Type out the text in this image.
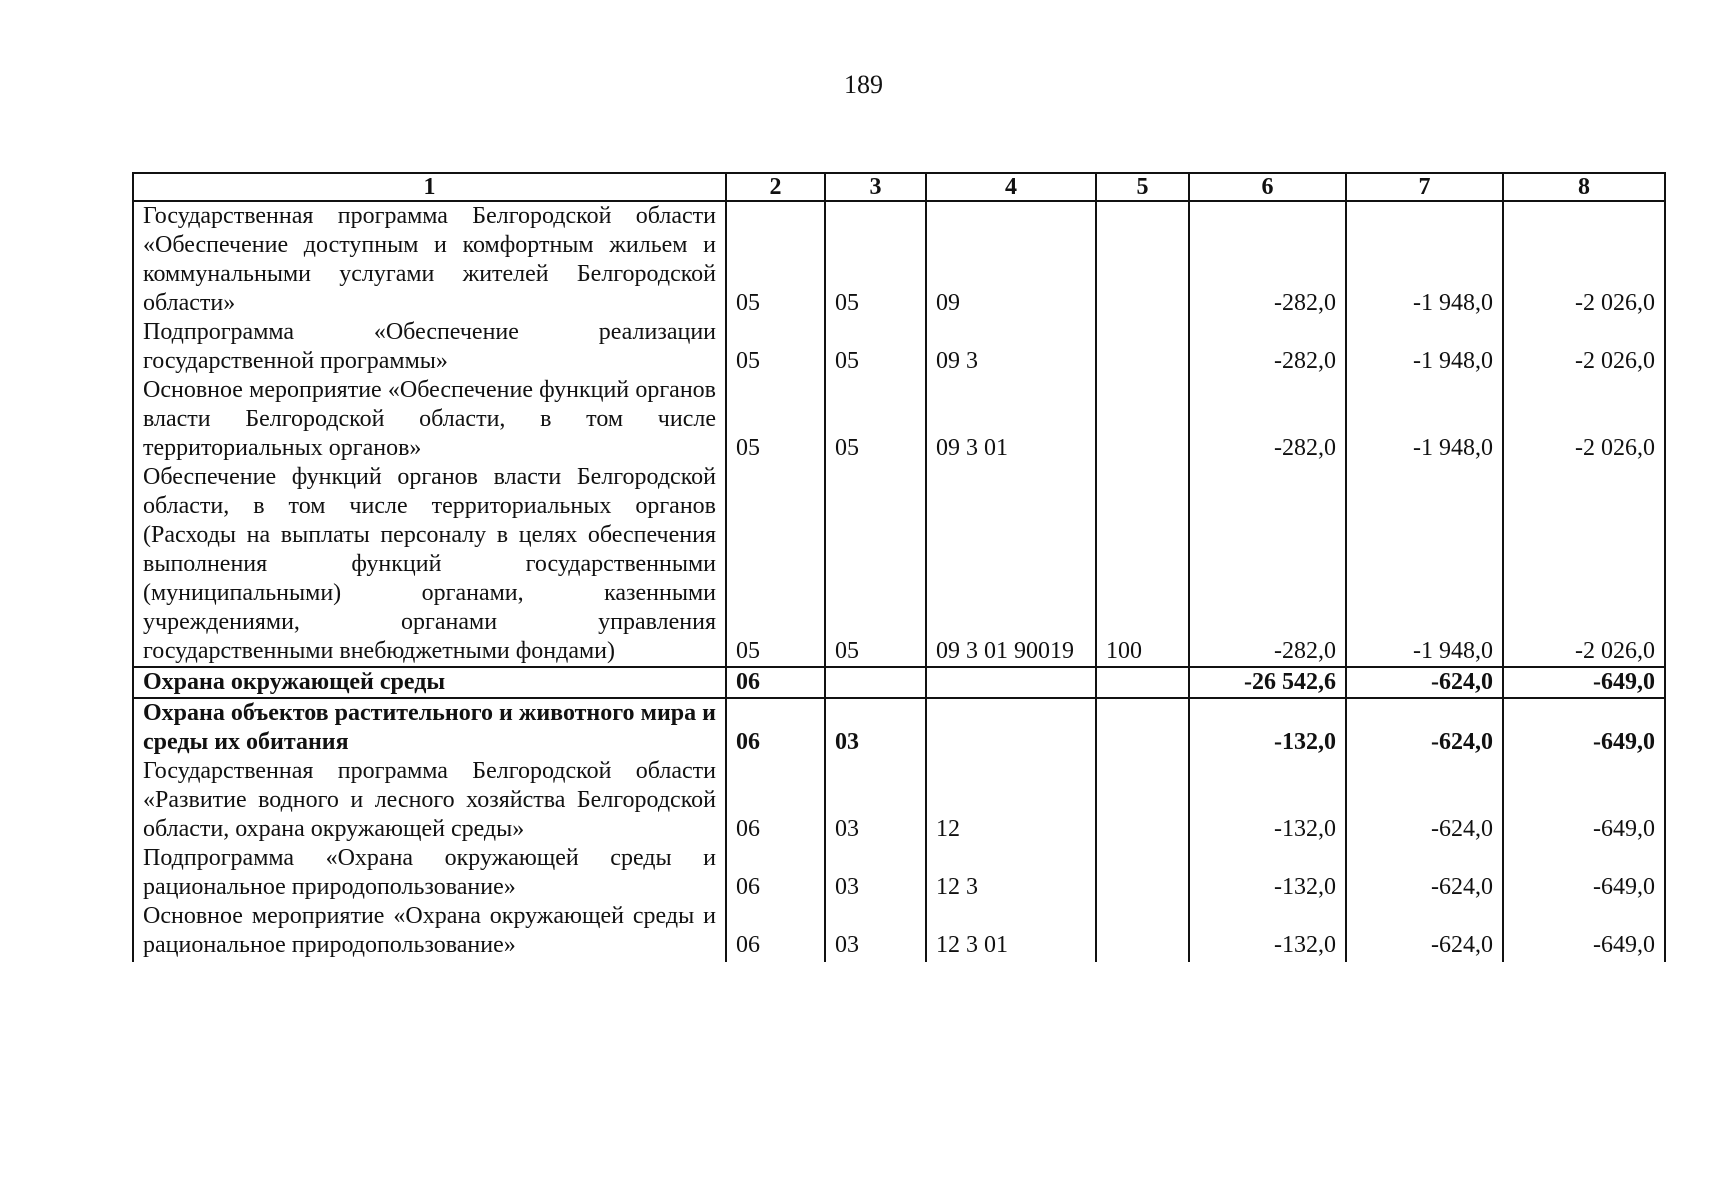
189
1	2	3	4	5	6	7	8
Государственная программа Белгородской области «Обеспечение доступным и комфортным жильем и коммунальными услугами жителей Белгородской области»	05	05	09		-282,0	-1 948,0	-2 026,0
Подпрограмма «Обеспечение реализации государственной программы»	05	05	09 3		-282,0	-1 948,0	-2 026,0
Основное мероприятие «Обеспечение функций органов власти Белгородской области, в том числе территориальных органов»	05	05	09 3 01		-282,0	-1 948,0	-2 026,0
Обеспечение функций органов власти Белгородской области, в том числе территориальных органов (Расходы на выплаты персоналу в целях обеспечения выполнения функций государственными (муниципальными) органами, казенными учреждениями, органами управления государственными внебюджетными фондами)	05	05	09 3 01 90019	100	-282,0	-1 948,0	-2 026,0
Охрана окружающей среды	06				-26 542,6	-624,0	-649,0
Охрана объектов растительного и животного мира и среды их обитания	06	03			-132,0	-624,0	-649,0
Государственная программа Белгородской области «Развитие водного и лесного хозяйства Белгородской области, охрана окружающей среды»	06	03	12		-132,0	-624,0	-649,0
Подпрограмма «Охрана окружающей среды и рациональное природопользование»	06	03	12 3		-132,0	-624,0	-649,0
Основное мероприятие «Охрана окружающей среды и рациональное природопользование»	06	03	12 3 01		-132,0	-624,0	-649,0
